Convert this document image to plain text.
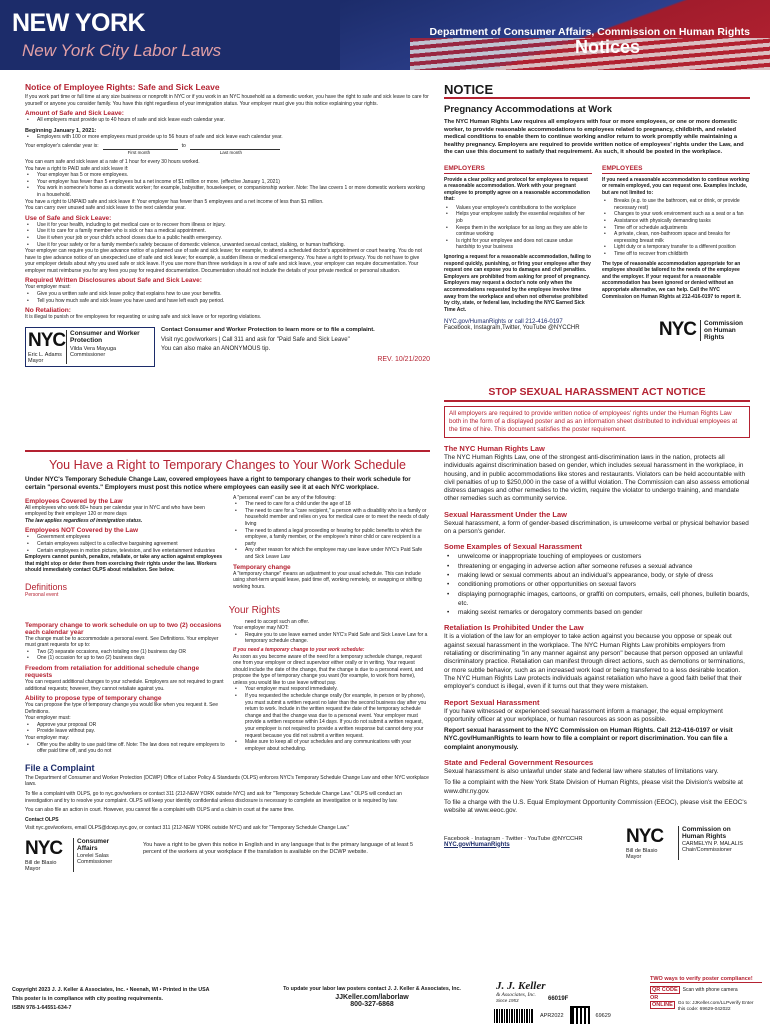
NEW YORK
New York City Labor Laws
Department of Consumer Affairs, Commission on Human Rights
Notices
Notice of Employee Rights: Safe and Sick Leave
If you work part time or full time at any size business or nonprofit in NYC or if you work in an NYC household as a domestic worker, you have the right to safe and sick leave to care for yourself or anyone you consider family. You have this right regardless of your immigration status. Your employer must give you this notice explaining your rights.
Amount of Safe and Sick Leave:
• All employers must provide up to 40 hours of safe and sick leave each calendar year.
Beginning January 1, 2021:
• Employers with 100 or more employees must provide up to 56 hours of safe and sick leave each calendar year.
Your employer's calendar year is:
First month
to
Last month
You can earn safe and sick leave at a rate of 1 hour for every 30 hours worked.
You have a right to PAID safe and sick leave if:
• Your employer has 5 or more employees.
• Your employer has fewer than 5 employees but a net income of $1 million or more. (effective January 1, 2021)
• You work in someone's home as a domestic worker; for example, babysitter, housekeeper, or companionship worker. Note: The law covers 1 or more domestic workers working in a household.
You have a right to UNPAID safe and sick leave if: Your employer has fewer than 5 employees and a net income of less than $1 million.
You can carry over unused safe and sick leave to the next calendar year.
Use of Safe and Sick Leave:
• Use it for your health, including to get medical care or to recover from illness or injury.
• Use it to care for a family member who is sick or has a medical appointment.
• Use it when your job or your child's school closes due to a public health emergency.
• Use it for your safety or for a family member's safety because of domestic violence, unwanted sexual contact, stalking, or human trafficking.
Your employer can require you to give advance notice of a planned use of safe and sick leave; for example, to attend a scheduled doctor's appointment or court hearing. You do not have to give advance notice of an unexpected use of safe and sick leave; for example, a sudden illness or medical emergency. You have a right to privacy. You do not have to give your employer details about why you used safe or sick leave. If you use more than three workdays in a row of safe and sick leave, your employer can require documentation. Your employer must reimburse you for any fees you pay for required documentation. Documentation should not include the details of your private medical or personal situation.
Required Written Disclosures about Safe and Sick Leave:
Your employer must:
• Give you a written safe and sick leave policy that explains how to use your benefits.
• Tell you how much safe and sick leave you have used and have left each pay period.
No Retaliation:
It is illegal to punish or fire employees for requesting or using safe and sick leave or for reporting violations.
NYC
Eric L. Adams
Mayor
Consumer and Worker Protection
Vilda Vera Mayuga
Commissioner
Contact Consumer and Worker Protection to learn more or to file a complaint.
Visit nyc.gov/workers | Call 311 and ask for "Paid Safe and Sick Leave"
You can also make an ANONYMOUS tip.
REV. 10/21/2020
You Have a Right to Temporary Changes to Your Work Schedule
Under NYC's Temporary Schedule Change Law, covered employees have a right to temporary changes to their work schedule for certain "personal events." Employers must post this notice where employees can easily see it at each NYC workplace.
Employees Covered by the Law
All employees who work 80+ hours per calendar year in NYC and who have been employed by their employer 120 or more days
The law applies regardless of immigration status.
Employees NOT Covered by the Law
• Government employees
• Certain employees subject to a collective bargaining agreement
• Certain employees in motion picture, television, and live entertainment industries
Employers cannot punish, penalize, retaliate, or take any action against employees that might stop or deter them from exercising their rights under the law. Workers should immediately contact OLPS about retaliation. See below.
Definitions
Personal event
A "personal event" can be any of the following:
• The need to care for a child under the age of 18
• The need to care for a "care recipient," a person with a disability who is a family or household member and relies on you for medical care or to meet the needs of daily living
• The need to attend a legal proceeding or hearing for public benefits to which the employee, a family member, or the employee's minor child or care recipient is a party
• Any other reason for which the employee may use leave under NYC's Paid Safe and Sick Leave Law
Temporary change
A "temporary change" means an adjustment to your usual schedule. This can include using short-term unpaid leave, paid time off, working remotely, or swapping or shifting working hours.
Your Rights
Temporary change to work schedule on up to two (2) occasions each calendar year
The change must be to accommodate a personal event. See Definitions. Your employer must grant requests for up to:
• Two (2) separate occasions, each totaling one (1) business day OR
• One (1) occasion for up to two (2) business days
Freedom from retaliation for additional schedule change requests
You can request additional changes to your schedule. Employers are not required to grant additional requests; however, they cannot retaliate against you.
Ability to propose type of temporary change
You can propose the type of temporary change you would like when you request it. See Definitions.
Your employer must:
• Approve your proposal OR
• Provide leave without pay.
Your employer may:
• Offer you the ability to use paid time off. Note: The law does not require employers to offer paid time off, and you do not
need to accept such an offer.
Your employer may NOT:
• Require you to use leave earned under NYC's Paid Safe and Sick Leave Law for a temporary schedule change.
If you need a temporary change to your work schedule:
As soon as you become aware of the need for a temporary schedule change, request one from your employer or direct supervisor either orally or in writing. Your request should include the date of the change, that the change is due to a personal event, and propose the type of temporary change you want (for example, to work from home), unless you would like to use leave without pay.
• Your employer must respond immediately.
• If you requested the schedule change orally (for example, in person or by phone), you must submit a written request no later than the second business day after you return to work. Include in the written request the date of the temporary schedule change and that the change was due to a personal event. Your employer must provide a written response within 14 days. If you do not submit a written request, your employer is not required to provide a written response but cannot deny your request because you did not submit a written request.
• Make sure to keep all of your schedules and any communications with your employer about scheduling.
File a Complaint
The Department of Consumer and Worker Protection (DCWP) Office of Labor Policy & Standards (OLPS) enforces NYC's Temporary Schedule Change Law and other NYC workplace laws.
To file a complaint with OLPS, go to nyc.gov/workers or contact 311 (212-NEW YORK outside NYC) and ask for "Temporary Schedule Change Law." OLPS will conduct an investigation and try to resolve your complaint. OLPS will keep your identity confidential unless disclosure is necessary to complete an investigation or is required by law.
You can also file an action in court. However, you cannot file a complaint with OLPS and a claim in court at the same time.
Contact OLPS
Visit nyc.gov/workers, email OLPS@dcwp.nyc.gov, or contact 311 (212-NEW YORK outside NYC) and ask for "Temporary Schedule Change Law."
NYC
Bill de Blasio
Mayor
Consumer
Affairs
Lorelei Salas
Commissioner
You have a right to be given this notice in English and in any language that is the primary language of at least 5 percent of the workers at your workplace if the translation is available on the DCWP website.
NOTICE
Pregnancy Accommodations at Work
The NYC Human Rights Law requires all employers with four or more employees, or one or more domestic worker, to provide reasonable accommodations to employees related to pregnancy, childbirth, and related medical conditions to enable them to continue working and/or return to work promptly while maintaining a healthy pregnancy. Employers are required to provide written notice of employees' rights under the Law, and the can use this document to satisfy that requirement. As such, it should be posted in the workplace.
EMPLOYERS
Provide a clear policy and protocol for employees to request a reasonable accommodation. Work with your pregnant employee to promptly agree on a reasonable accommodation that:
• Values your employee's contributions to the workplace
• Helps your employee satisfy the essential requisites of her job
• Keeps them in the workplace for as long as they are able to continue working
• Is right for your employee and does not cause undue hardship to your business
Ignoring a request for a reasonable accommodation, failing to respond quickly, punishing, or firing your employee after they request one can expose you to damages and civil penalties. Employers are prohibited from asking for proof of pregnancy. Employers may request a doctor's note only when the accommodations requested by the employee involve time away from the workplace and when not otherwise prohibited by city, state, or federal law, including the NYC Earned Sick Time Act.
EMPLOYEES
If you need a reasonable accommodation to continue working or remain employed, you can request one. Examples include, but are not limited to:
• Breaks (e.g. to use the bathroom, eat or drink, or provide necessary rest)
• Changes to your work environment such as a seat or a fan
• Assistance with physically demanding tasks
• Time off or schedule adjustments
• A private, clean, non-bathroom space and breaks for expressing breast milk
• Light duty or a temporary transfer to a different position
• Time off to recover from childbirth
The type of reasonable accommodation appropriate for an employee should be tailored to the needs of the employee and the employer. If your request for a reasonable accommodation has been ignored or denied without an appropriate alternative, we can help. Call the NYC Commission on Human Rights at 212-416-0197 to report it.
NYC.gov/HumanRights or call 212-416-0197
Facebook, Instagram,Twitter, YouTube @NYCCHR	NYC	Commission on Human Rights
STOP SEXUAL HARASSMENT ACT NOTICE
All employers are required to provide written notice of employees' rights under the Human Rights Law both in the form of a displayed poster and as an information sheet distributed to individual employees at the time of hire. This document satisfies the poster requirement.
The NYC Human Rights Law
The NYC Human Rights Law, one of the strongest anti-discrimination laws in the nation, protects all individuals against discrimination based on gender, which includes sexual harassment in the workplace, in housing, and in public accommodations like stores and restaurants. Violators can be held accountable with civil penalties of up to $250,000 in the case of a willful violation. The Commission can also assess emotional distress damages and other remedies to the victim, require the violator to undergo training, and mandate other remedies such as community service.
Sexual Harassment Under the Law
Sexual harassment, a form of gender-based discrimination, is unwelcome verbal or physical behavior based on a person's gender.
Some Examples of Sexual Harassment
• unwelcome or inappropriate touching of employees or customers
• threatening or engaging in adverse action after someone refuses a sexual advance
• making lewd or sexual comments about an individual's appearance, body, or style of dress
• conditioning promotions or other opportunities on sexual favors
• displaying pornographic images, cartoons, or graffiti on computers, emails, cell phones, bulletin boards, etc.
• making sexist remarks or derogatory comments based on gender
Retaliation Is Prohibited Under the Law
It is a violation of the law for an employer to take action against you because you oppose or speak out against sexual harassment in the workplace. The NYC Human Rights Law prohibits employers from retaliating or discriminating "in any manner against any person" because that person opposed an unlawful discriminatory practice. Retaliation can manifest through direct actions, such as demotions or terminations, or more subtle behavior, such as an increased work load or being transferred to a less desirable location. The NYC Human Rights Law protects individuals against retaliation who have a good faith belief that their employer's conduct is illegal, even if it turns out that they were mistaken.
Report Sexual Harassment
If you have witnessed or experienced sexual harassment inform a manager, the equal employment opportunity officer at your workplace, or human resources as soon as possible.
Report sexual harassment to the NYC Commission on Human Rights. Call 212-416-0197 or visit NYC.gov/HumanRights to learn how to file a complaint or report discrimination. You can file a complaint anonymously.
State and Federal Government Resources
Sexual harassment is also unlawful under state and federal law where statutes of limitations vary.
To file a complaint with the New York State Division of Human Rights, please visit the Division's website at www.dhr.ny.gov.
To file a charge with the U.S. Equal Employment Opportunity Commission (EEOC), please visit the EEOC's website at www.eeoc.gov.
Facebook · Instagram · Twitter · YouTube @NYCCHR
NYC.gov/HumanRights	NYC
Bill de Blasio
Mayor
Commission on Human Rights
CARMELYN P. MALALIS
Chair/Commissioner
Copyright 2023 J. J. Keller & Associates, Inc. • Neenah, WI • Printed in the USA
This poster is in compliance with city posting requirements.
ISBN 978-1-64551-634-7
To update your labor law posters contact J. J. Keller & Associates, Inc.
JJKeller.com/laborlaw
800-327-6868
J. J. Keller
& Associates, Inc.
Since 1953	66019F
APR2022	69629
TWO ways to verify poster compliance!
QR CODE	Scan with phone camera
OR
ONLINE	Go to: JJKeller.com/LLPverify Enter this code: 69629-042022
